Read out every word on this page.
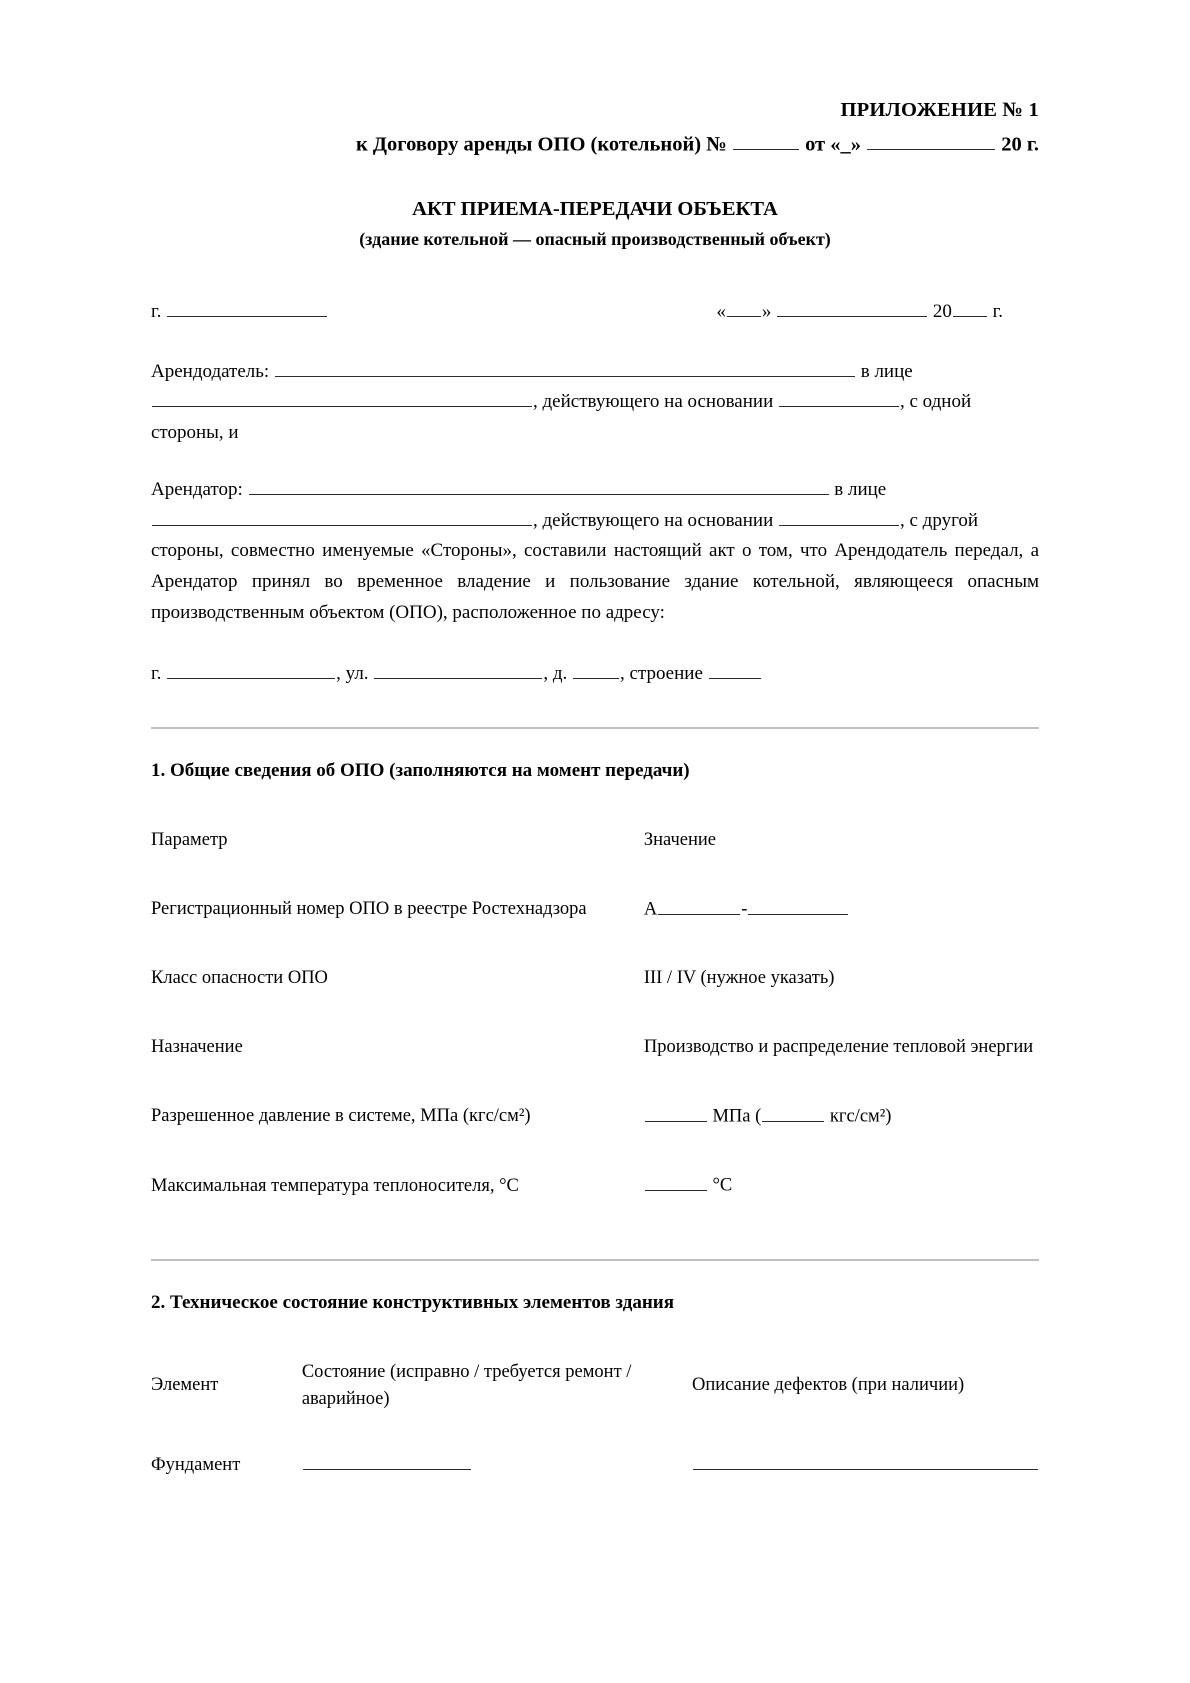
ПРИЛОЖЕНИЕ № 1
к Договору аренды ОПО (котельной) №	от «_»	20 г.
АКТ ПРИЕМА-ПЕРЕДАЧИ ОБЪЕКТА
(здание котельной — опасный производственный объект)
г.	« »	20 г.
Арендодатель:	в лице
, действующего на основании	, с одной
стороны, и
Арендатор:	в лице
, действующего на основании	, с другой
стороны, совместно именуемые «Стороны», составили настоящий акт о том, что Арендодатель передал, а Арендатор принял во временное владение и пользование здание котельной, являющееся опасным производственным объектом (ОПО), расположенное по адресу:
г.	, ул.	, д.	, строение
1. Общие сведения об ОПО (заполняются на момент передачи)
Параметр	Значение
Регистрационный номер ОПО в реестре Ростехнадзора	А -
Класс опасности ОПО	III / IV (нужное указать)
Назначение	Производство и распределение тепловой энергии
Разрешенное давление в системе, МПа (кгс/см²)	МПа ( кгс/см²)
Максимальная температура теплоносителя, °C	°C
2. Техническое состояние конструктивных элементов здания
Элемент	Состояние (исправно / требуется ремонт / аварийное)	Описание дефектов (при наличии)
Фундамент		
